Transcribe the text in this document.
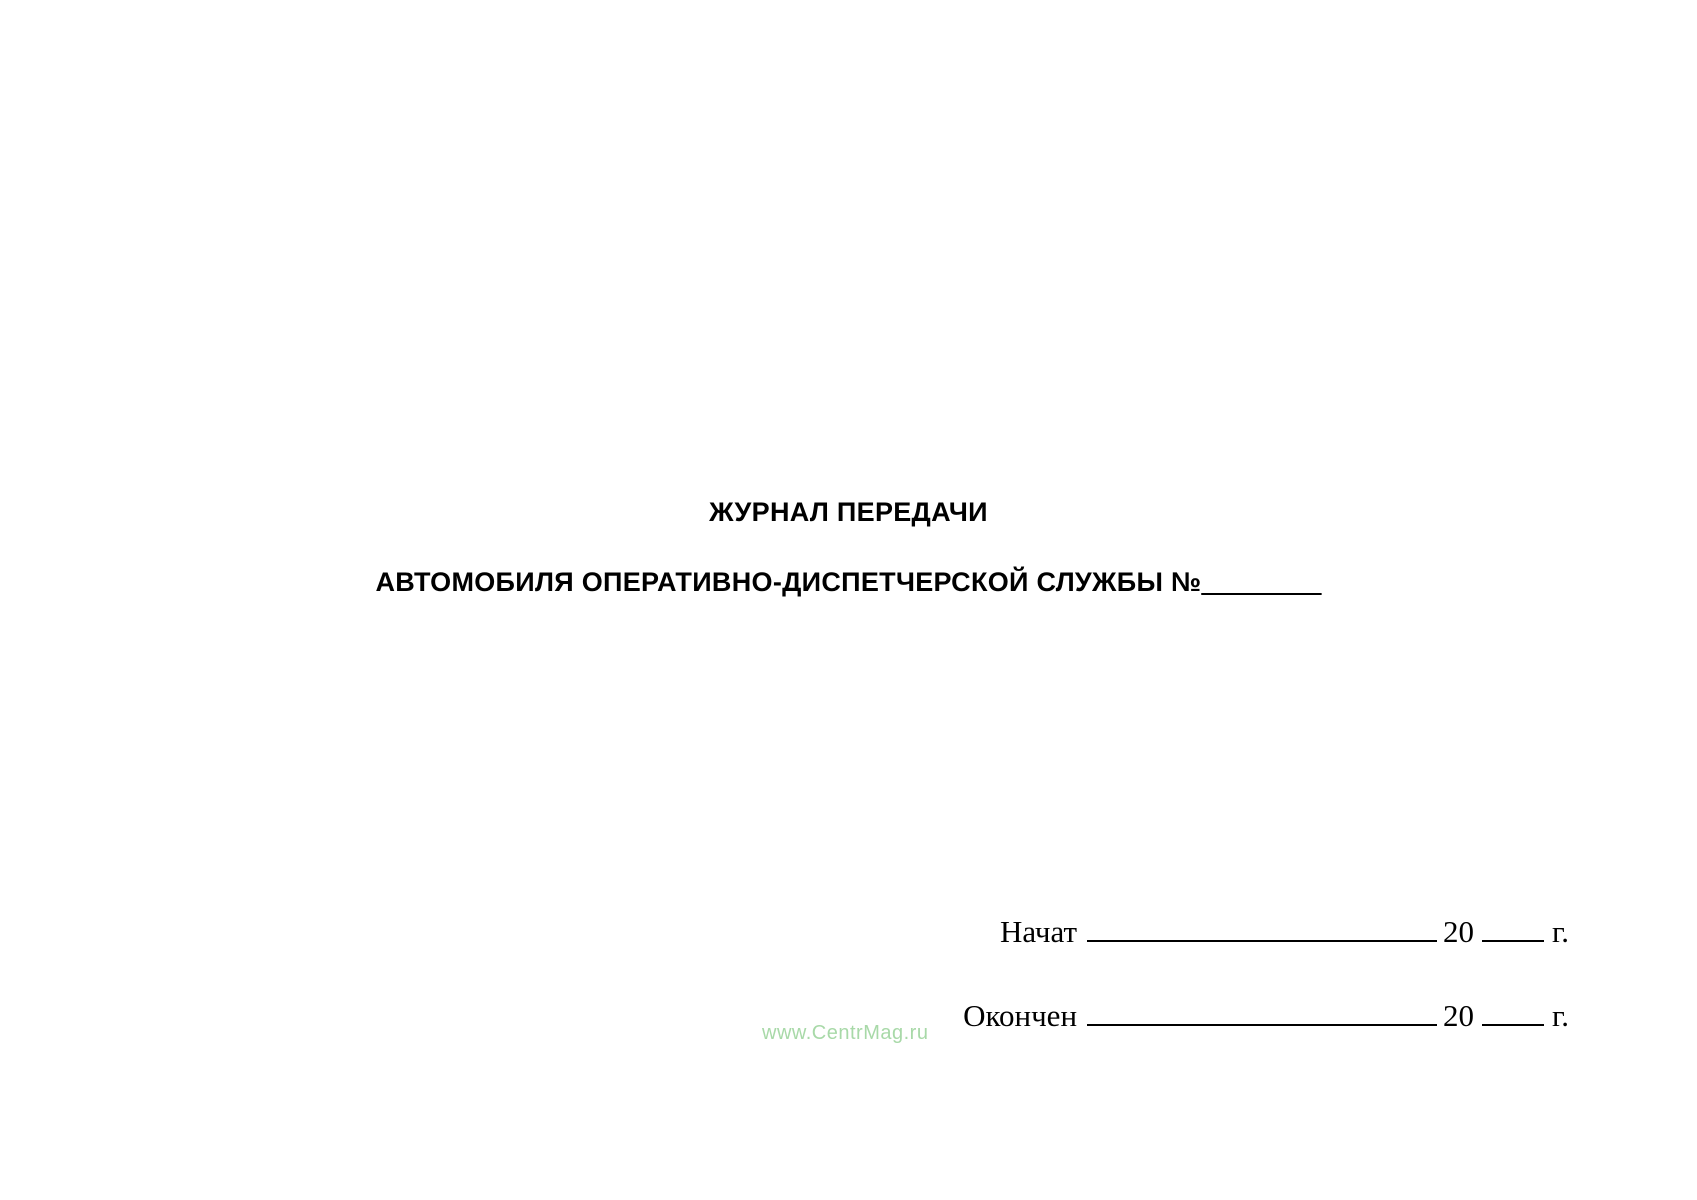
ЖУРНАЛ ПЕРЕДАЧИ
АВТОМОБИЛЯ ОПЕРАТИВНО-ДИСПЕТЧЕРСКОЙ СЛУЖБЫ №________
Начат	20	г.
Окончен	20	г.
www.CentrMag.ru
